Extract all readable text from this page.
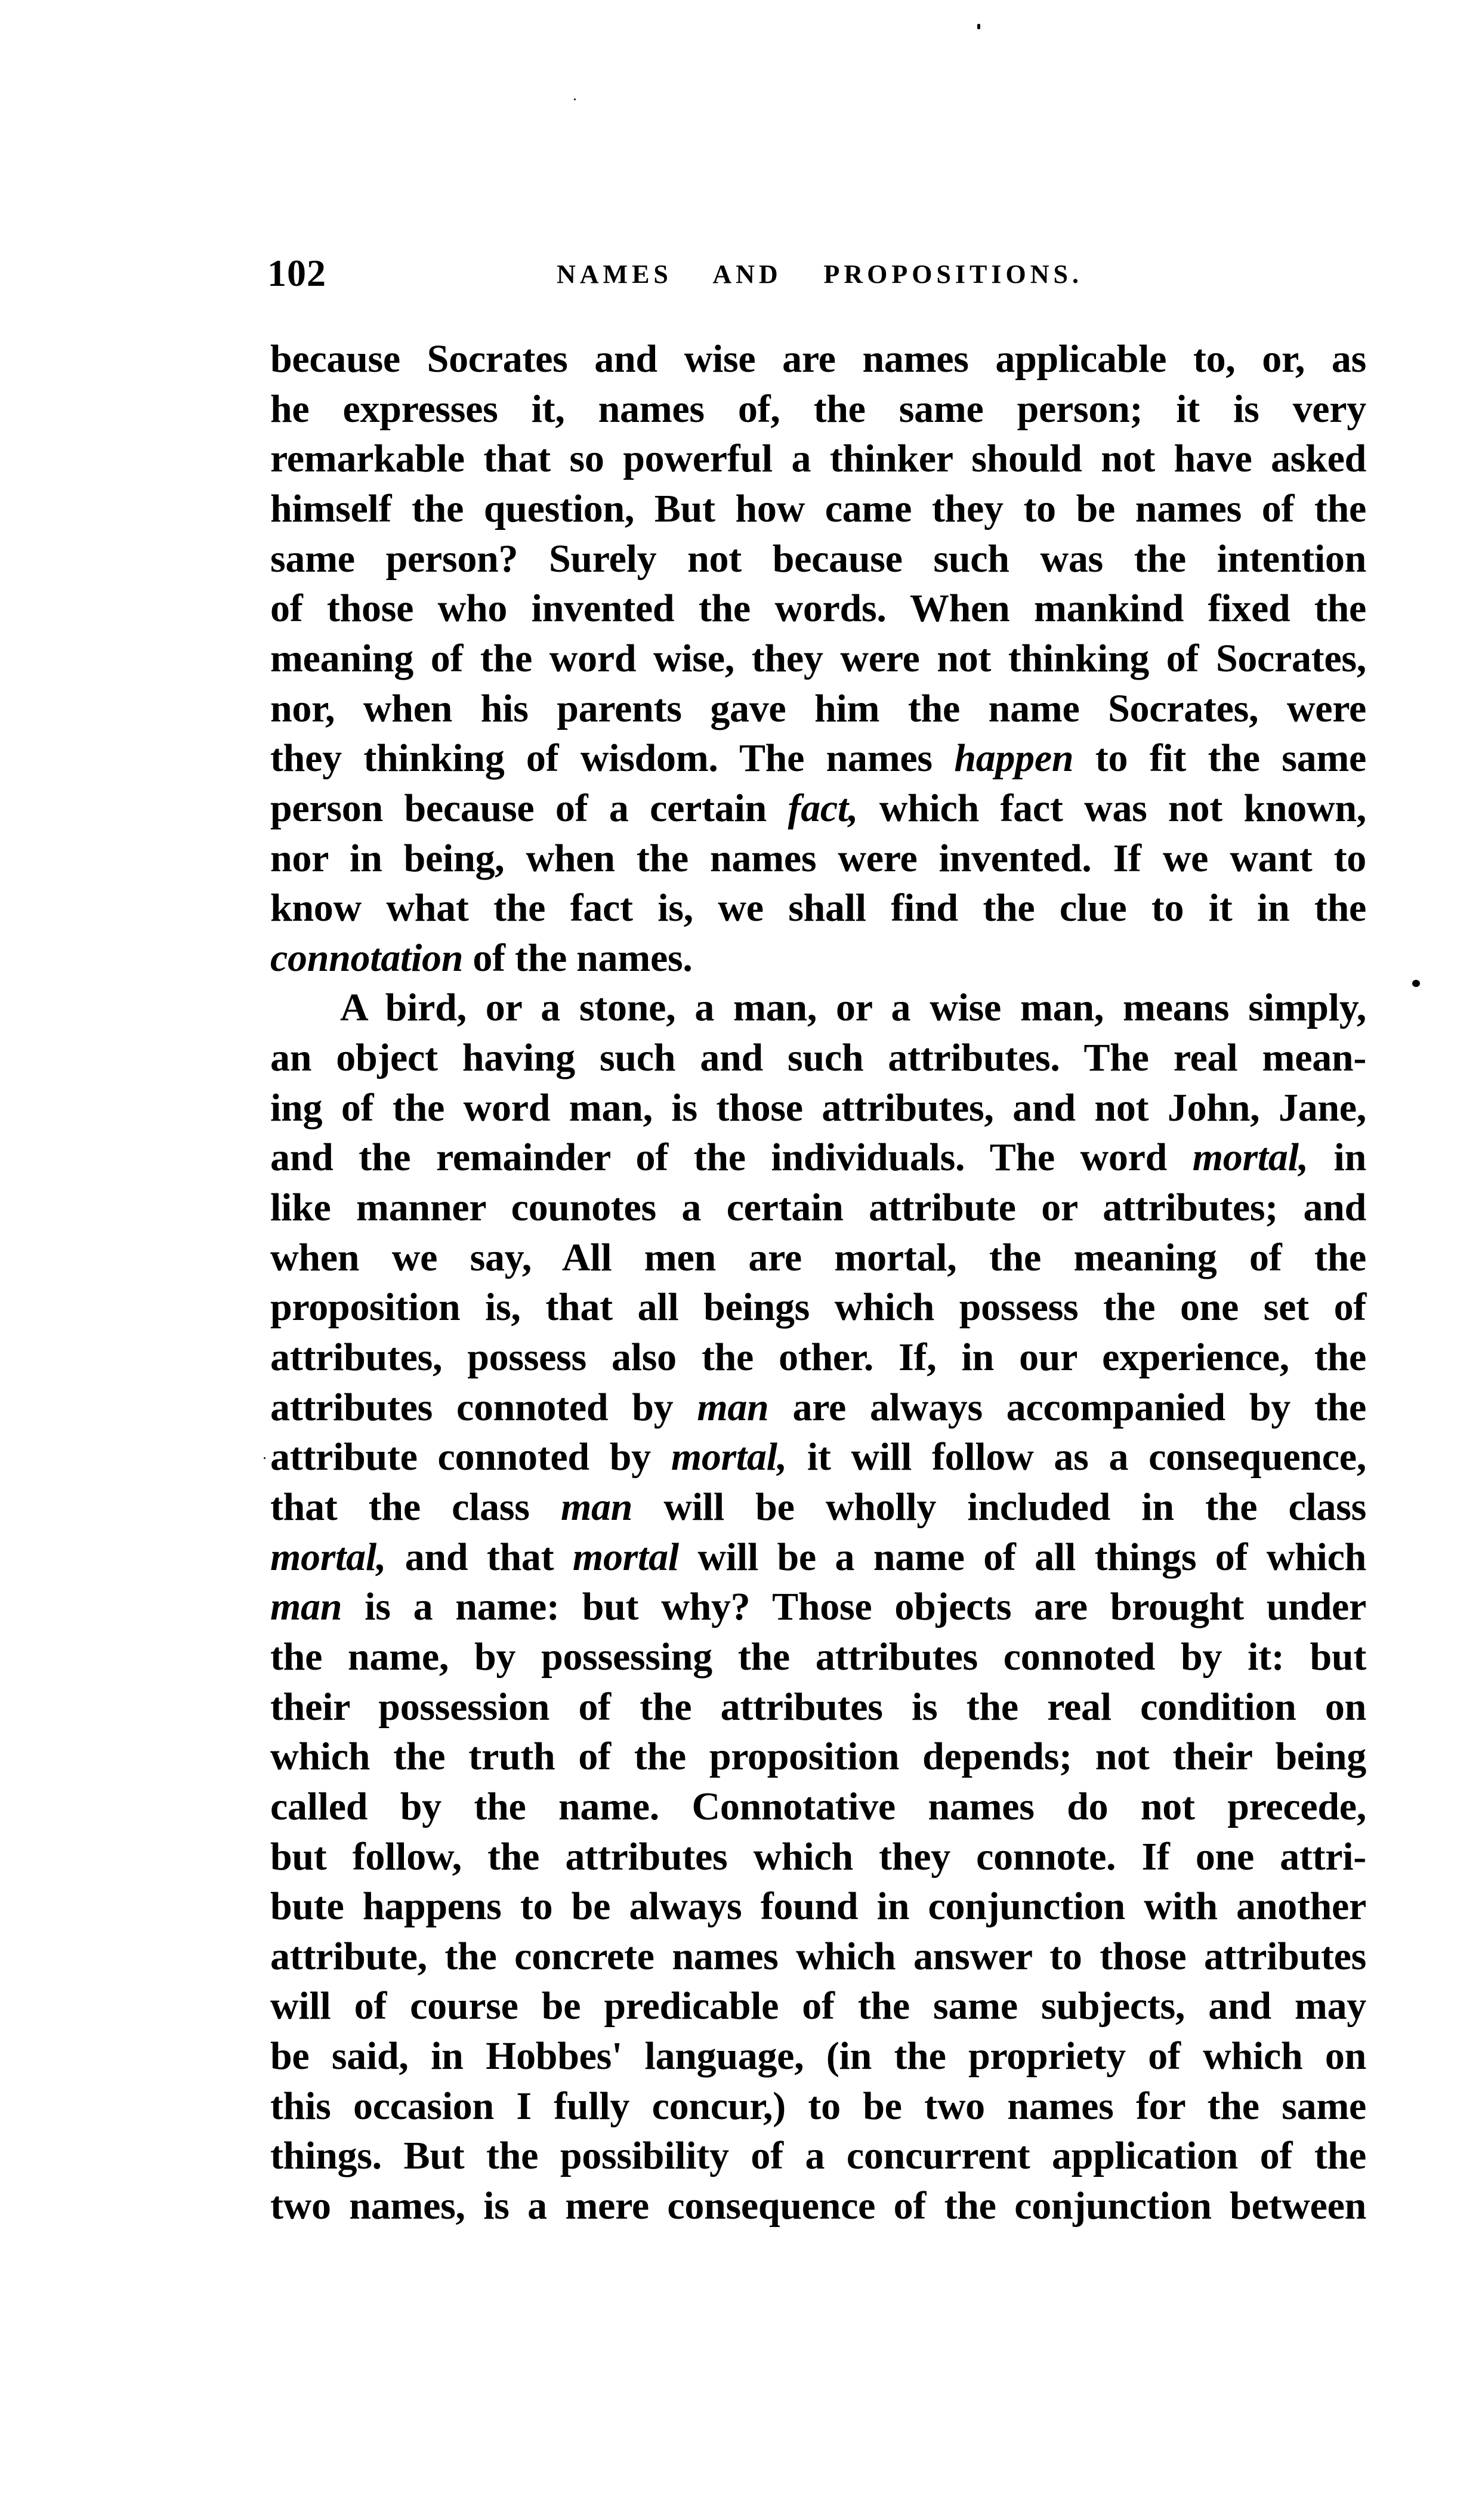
102	NAMES AND PROPOSITIONS.
because Socrates and wise are names applicable to, or, as
he expresses it, names of, the same person; it is very
remarkable that so powerful a thinker should not have asked
himself the question, But how came they to be names of the
same person? Surely not because such was the intention
of those who invented the words. When mankind fixed the
meaning of the word wise, they were not thinking of Socrates,
nor, when his parents gave him the name Socrates, were
they thinking of wisdom. The names happen to fit the same
person because of a certain fact, which fact was not known,
nor in being, when the names were invented. If we want to
know what the fact is, we shall find the clue to it in the
connotation of the names.
A bird, or a stone, a man, or a wise man, means simply,
an object having such and such attributes. The real mean-
ing of the word man, is those attributes, and not John, Jane,
and the remainder of the individuals. The word mortal, in
like manner counotes a certain attribute or attributes; and
when we say, All men are mortal, the meaning of the
proposition is, that all beings which possess the one set of
attributes, possess also the other. If, in our experience, the
attributes connoted by man are always accompanied by the
attribute connoted by mortal, it will follow as a consequence,
that the class man will be wholly included in the class
mortal, and that mortal will be a name of all things of which
man is a name: but why? Those objects are brought under
the name, by possessing the attributes connoted by it: but
their possession of the attributes is the real condition on
which the truth of the proposition depends; not their being
called by the name. Connotative names do not precede,
but follow, the attributes which they connote. If one attri-
bute happens to be always found in conjunction with another
attribute, the concrete names which answer to those attributes
will of course be predicable of the same subjects, and may
be said, in Hobbes' language, (in the propriety of which on
this occasion I fully concur,) to be two names for the same
things. But the possibility of a concurrent application of the
two names, is a mere consequence of the conjunction between
